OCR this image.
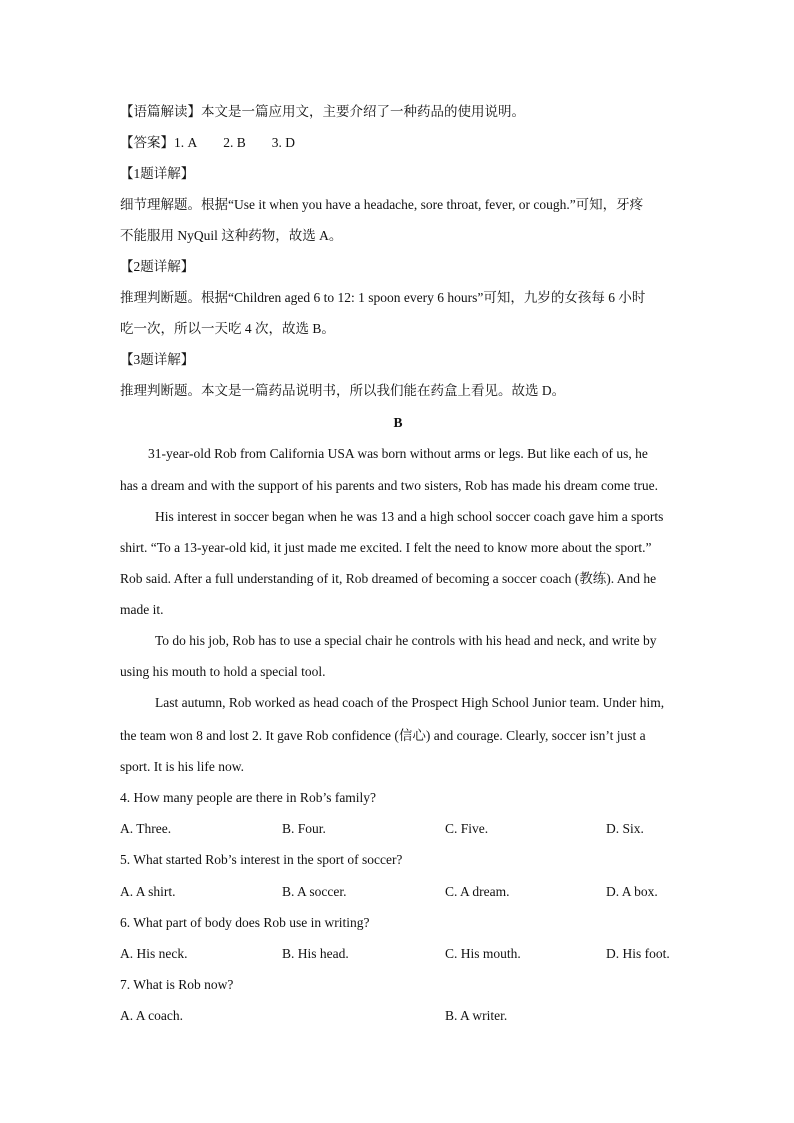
【语篇解读】本文是一篇应用文，主要介绍了一种药品的使用说明。
【答案】1. A 2. B 3. D
【1题详解】
细节理解题。根据“Use it when you have a headache, sore throat, fever, or cough.”可知，牙疼
不能服用 NyQuil 这种药物，故选 A。
【2题详解】
推理判断题。根据“Children aged 6 to 12: 1 spoon every 6 hours”可知，九岁的女孩每 6 小时
吃一次，所以一天吃 4 次，故选 B。
【3题详解】
推理判断题。本文是一篇药品说明书，所以我们能在药盒上看见。故选 D。
B
31-year-old Rob from California USA was born without arms or legs. But like each of us, he
has a dream and with the support of his parents and two sisters, Rob has made his dream come true.
His interest in soccer began when he was 13 and a high school soccer coach gave him a sports
shirt. “To a 13-year-old kid, it just made me excited. I felt the need to know more about the sport.”
Rob said. After a full understanding of it, Rob dreamed of becoming a soccer coach (教练). And he
made it.
To do his job, Rob has to use a special chair he controls with his head and neck, and write by
using his mouth to hold a special tool.
Last autumn, Rob worked as head coach of the Prospect High School Junior team. Under him,
the team won 8 and lost 2. It gave Rob confidence (信心) and courage. Clearly, soccer isn’t just a
sport. It is his life now.
4. How many people are there in Rob’s family?
A. Three.	B. Four.	C. Five.	D. Six.
5. What started Rob’s interest in the sport of soccer?
A. A shirt.	B. A soccer.	C. A dream.	D. A box.
6. What part of body does Rob use in writing?
A. His neck.	B. His head.	C. His mouth.	D. His foot.
7. What is Rob now?
A. A coach.	B. A writer.
